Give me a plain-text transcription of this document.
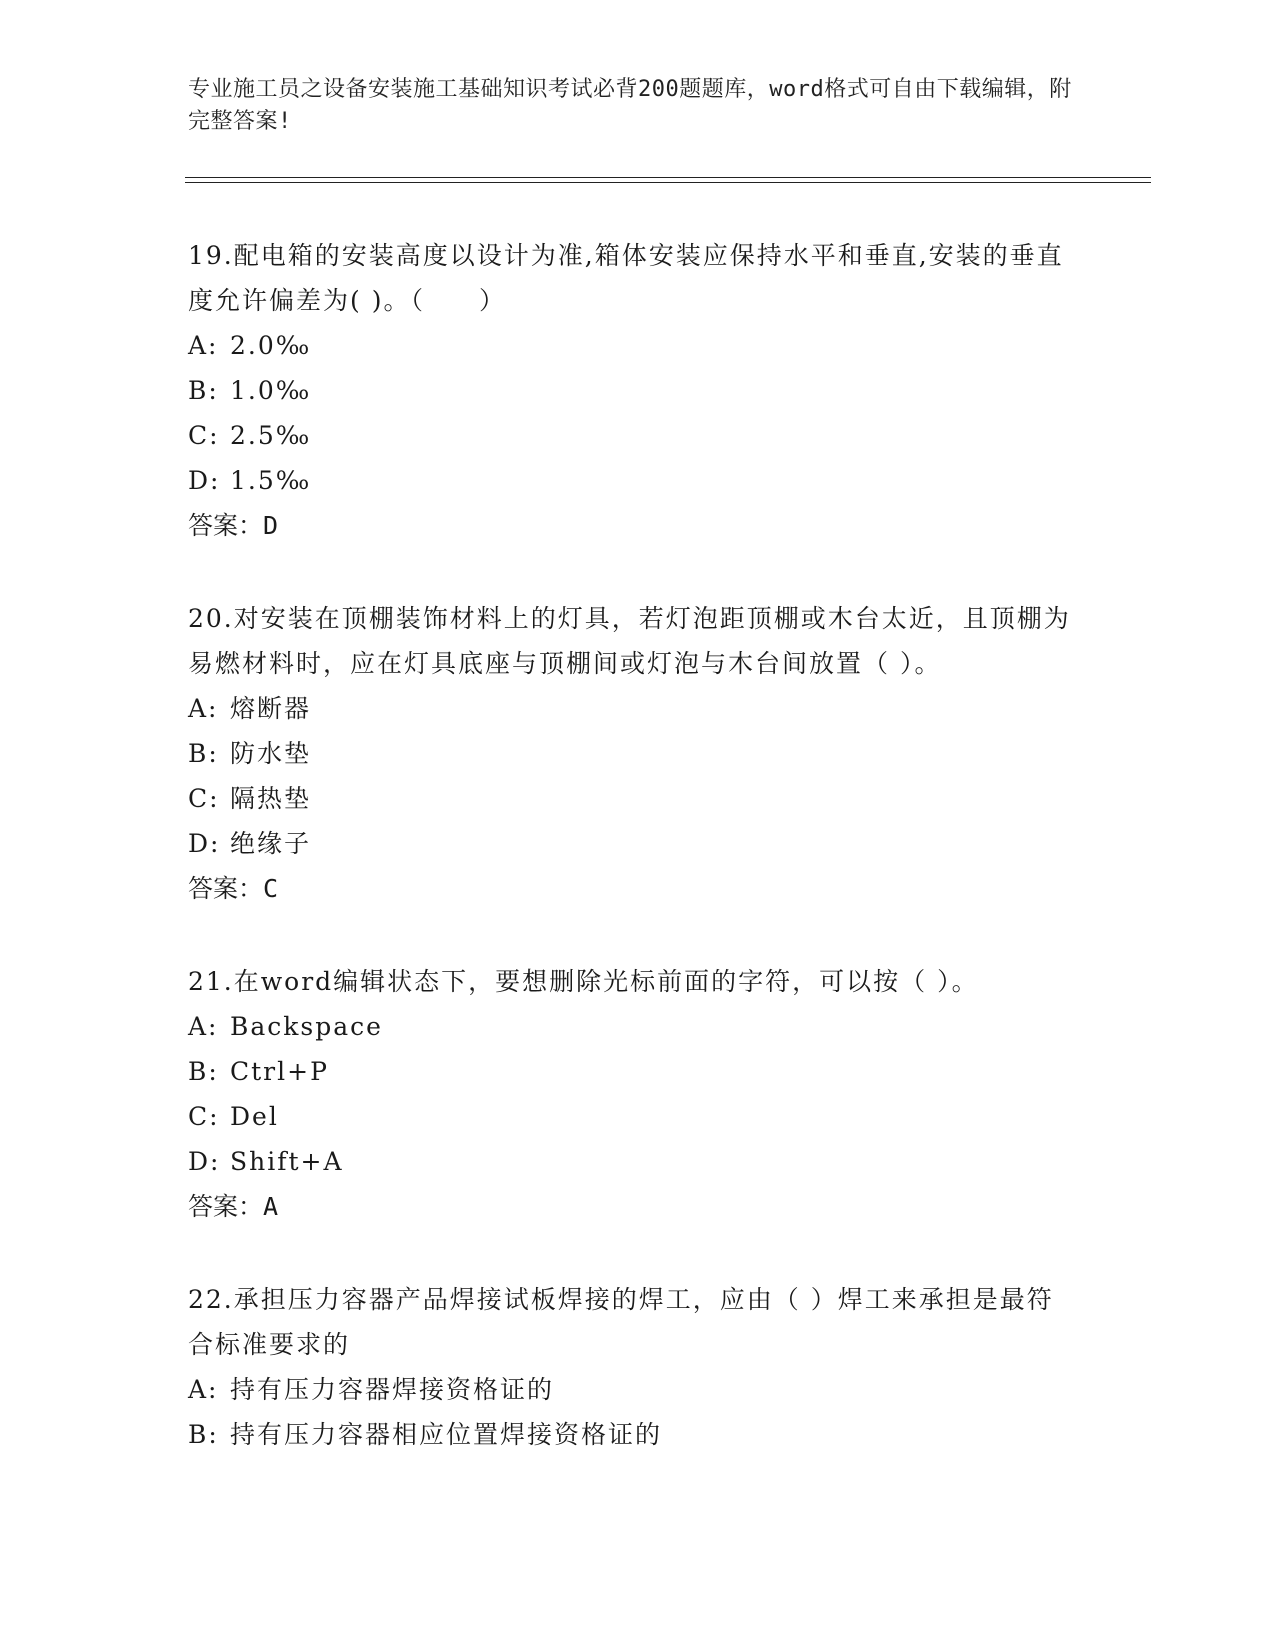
专业施工员之设备安装施工基础知识考试必背200题题库，word格式可自由下载编辑，附完整答案!

19.配电箱的安装高度以设计为准,箱体安装应保持水平和垂直,安装的垂直度允许偏差为( )。（　　）

A: 2.0‰

B: 1.0‰

C: 2.5‰

D: 1.5‰

答案：D

20.对安装在顶棚装饰材料上的灯具，若灯泡距顶棚或木台太近，且顶棚为易燃材料时，应在灯具底座与顶棚间或灯泡与木台间放置（ ）。

A: 熔断器

B: 防水垫

C: 隔热垫

D: 绝缘子

答案：C

21.在word编辑状态下，要想删除光标前面的字符，可以按（ ）。

A: Backspace

B: Ctrl+P

C: Del

D: Shift+A

答案：A

22.承担压力容器产品焊接试板焊接的焊工，应由（ ）焊工来承担是最符合标准要求的

A: 持有压力容器焊接资格证的

B: 持有压力容器相应位置焊接资格证的
